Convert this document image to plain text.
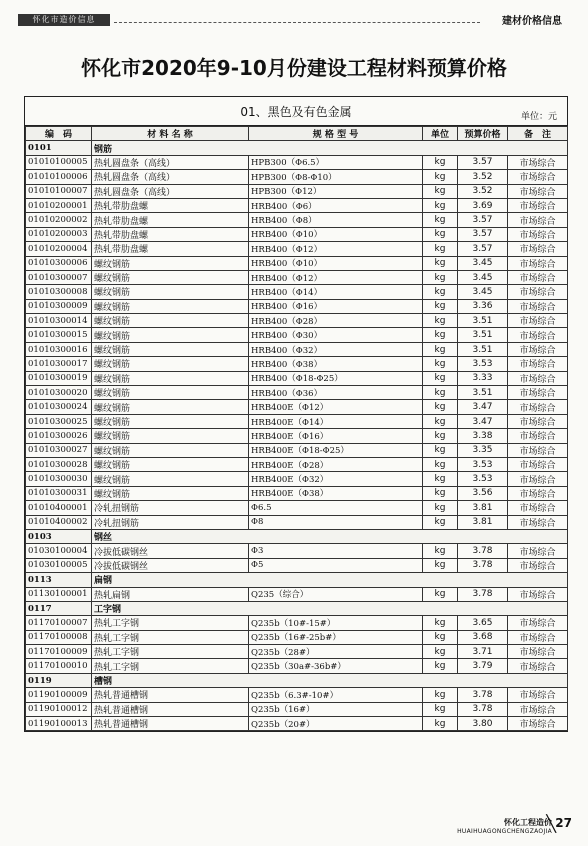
怀化市造价信息	建材价格信息
怀化市2020年9-10月份建设工程材料预算价格
01、黑色及有色金属	单位：元
编　码	材 料 名 称	规 格 型 号	单位	预算价格	备　注
0101	钢筋				
01010100005	热轧圆盘条（高线）	HPB300（Φ6.5）	kg	3.57	市场综合
01010100006	热轧圆盘条（高线）	HPB300（Φ8-Φ10）	kg	3.52	市场综合
01010100007	热轧圆盘条（高线）	HPB300（Φ12）	kg	3.52	市场综合
01010200001	热轧带肋盘螺	HRB400（Φ6）	kg	3.69	市场综合
01010200002	热轧带肋盘螺	HRB400（Φ8）	kg	3.57	市场综合
01010200003	热轧带肋盘螺	HRB400（Φ10）	kg	3.57	市场综合
01010200004	热轧带肋盘螺	HRB400（Φ12）	kg	3.57	市场综合
01010300006	螺纹钢筋	HRB400（Φ10）	kg	3.45	市场综合
01010300007	螺纹钢筋	HRB400（Φ12）	kg	3.45	市场综合
01010300008	螺纹钢筋	HRB400（Φ14）	kg	3.45	市场综合
01010300009	螺纹钢筋	HRB400（Φ16）	kg	3.36	市场综合
01010300014	螺纹钢筋	HRB400（Φ28）	kg	3.51	市场综合
01010300015	螺纹钢筋	HRB400（Φ30）	kg	3.51	市场综合
01010300016	螺纹钢筋	HRB400（Φ32）	kg	3.51	市场综合
01010300017	螺纹钢筋	HRB400（Φ38）	kg	3.53	市场综合
01010300019	螺纹钢筋	HRB400（Φ18-Φ25）	kg	3.33	市场综合
01010300020	螺纹钢筋	HRB400（Φ36）	kg	3.51	市场综合
01010300024	螺纹钢筋	HRB400E（Φ12）	kg	3.47	市场综合
01010300025	螺纹钢筋	HRB400E（Φ14）	kg	3.47	市场综合
01010300026	螺纹钢筋	HRB400E（Φ16）	kg	3.38	市场综合
01010300027	螺纹钢筋	HRB400E（Φ18-Φ25）	kg	3.35	市场综合
01010300028	螺纹钢筋	HRB400E（Φ28）	kg	3.53	市场综合
01010300030	螺纹钢筋	HRB400E（Φ32）	kg	3.53	市场综合
01010300031	螺纹钢筋	HRB400E（Φ38）	kg	3.56	市场综合
01010400001	冷轧扭钢筋	Φ6.5	kg	3.81	市场综合
01010400002	冷轧扭钢筋	Φ8	kg	3.81	市场综合
0103	钢丝				
01030100004	冷拔低碳钢丝	Φ3	kg	3.78	市场综合
01030100005	冷拔低碳钢丝	Φ5	kg	3.78	市场综合
0113	扁钢				
01130100001	热轧扁钢	Q235（综合）	kg	3.78	市场综合
0117	工字钢				
01170100007	热轧工字钢	Q235b（10#-15#）	kg	3.65	市场综合
01170100008	热轧工字钢	Q235b（16#-25b#）	kg	3.68	市场综合
01170100009	热轧工字钢	Q235b（28#）	kg	3.71	市场综合
01170100010	热轧工字钢	Q235b（30a#-36b#）	kg	3.79	市场综合
0119	槽钢				
01190100009	热轧普通槽钢	Q235b（6.3#-10#）	kg	3.78	市场综合
01190100012	热轧普通槽钢	Q235b（16#）	kg	3.78	市场综合
01190100013	热轧普通槽钢	Q235b（20#）	kg	3.80	市场综合
怀化工程造价
HUAIHUAGONGCHENGZAOJIA
╲ 27
